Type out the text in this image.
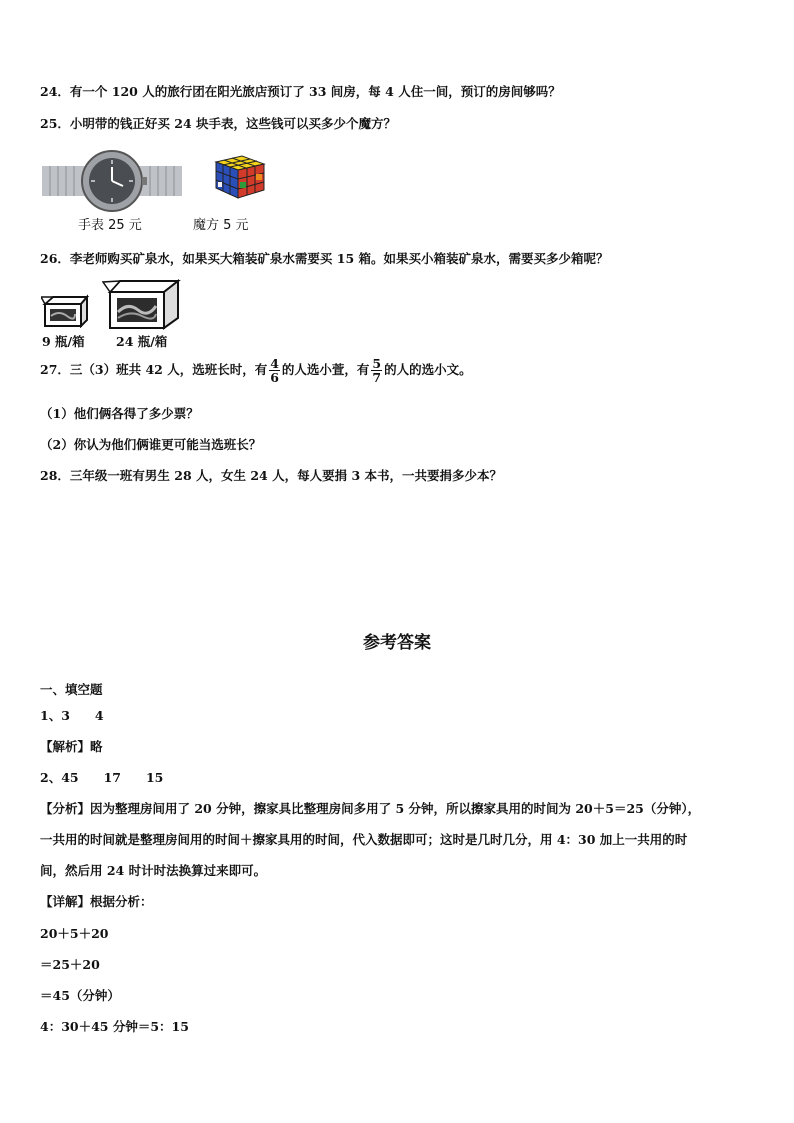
24．有一个 120 人的旅行团在阳光旅店预订了 33 间房，每 4 人住一间，预订的房间够吗？
25．小明带的钱正好买 24 块手表，这些钱可以买多少个魔方？
手表 25 元	魔方 5 元
26．李老师购买矿泉水，如果买大箱装矿泉水需要买 15 箱。如果买小箱装矿泉水，需要买多少箱呢？
9 瓶/箱	24 瓶/箱
27．三（3）班共 42 人，选班长时，有 $\frac{4}{6}$ 的人选小萱，有 $\frac{5}{7}$ 的人的选小文。
（1）他们俩各得了多少票？
（2）你认为他们俩谁更可能当选班长？
28．三年级一班有男生 28 人，女生 24 人，每人要捐 3 本书，一共要捐多少本？
参考答案
一、填空题
1、3　　4
【解析】略
2、45　　17　　15
【分析】因为整理房间用了 20 分钟，擦家具比整理房间多用了 5 分钟，所以擦家具用的时间为 20＋5＝25（分钟），
一共用的时间就是整理房间用的时间＋擦家具用的时间，代入数据即可；这时是几时几分，用 4：30 加上一共用的时
间，然后用 24 时计时法换算过来即可。
【详解】根据分析：
20＋5＋20
＝25＋20
＝45（分钟）
4：30＋45 分钟＝5：15
